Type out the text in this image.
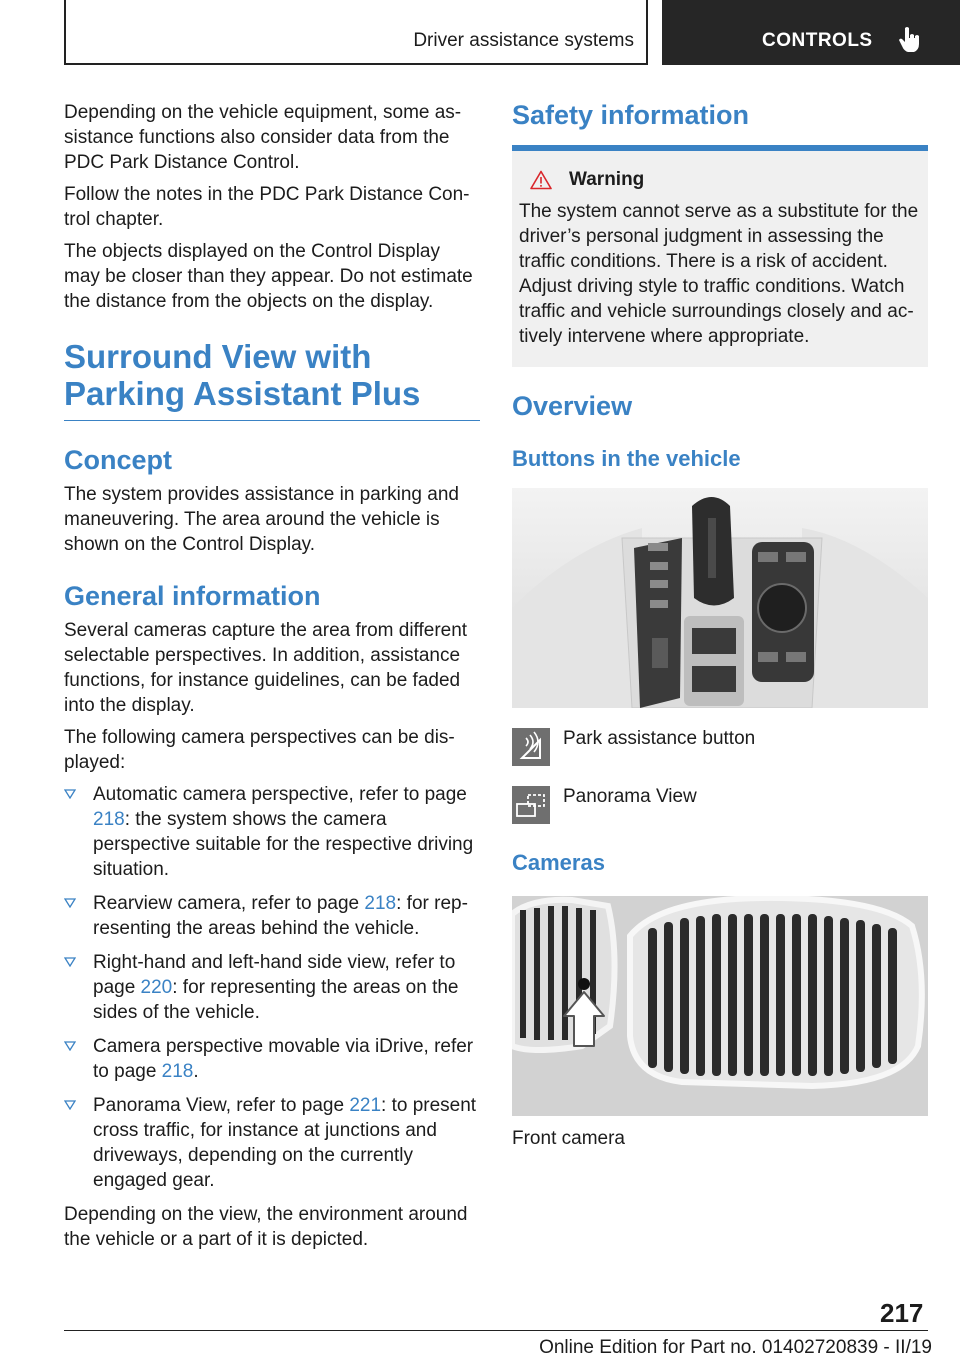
Driver assistance systems	CONTROLS

Depending on the vehicle equipment, some as‐ sistance functions also consider data from the PDC Park Distance Control.

Follow the notes in the PDC Park Distance Con‐ trol chapter.

The objects displayed on the Control Display may be closer than they appear. Do not estimate the distance from the objects on the display.

Surround View with Parking Assistant Plus
Concept

The system provides assistance in parking and maneuvering. The area around the vehicle is shown on the Control Display.

General information

Several cameras capture the area from different selectable perspectives. In addition, assistance functions, for instance guidelines, can be faded into the display.

The following camera perspectives can be dis‐ played:

Automatic camera perspective, refer to page 218: the system shows the camera perspective suitable for the respective driving situation.
Rearview camera, refer to page 218: for rep‐ resenting the areas behind the vehicle.
Right-hand and left-hand side view, refer to page 220: for representing the areas on the sides of the vehicle.
Camera perspective movable via iDrive, refer to page 218.
Panorama View, refer to page 221: to present cross traffic, for instance at junctions and driveways, depending on the currently engaged gear.

Depending on the view, the environment around the vehicle or a part of it is depicted.

Safety information
Warning

The system cannot serve as a substitute for the driver’s personal judgment in assessing the traffic conditions. There is a risk of accident. Adjust driving style to traffic conditions. Watch traffic and vehicle surroundings closely and ac‐ tively intervene where appropriate.

Overview
Buttons in the vehicle
Park assistance button
Panorama View
Cameras

Front camera

217
Online Edition for Part no. 01402720839 - II/19
